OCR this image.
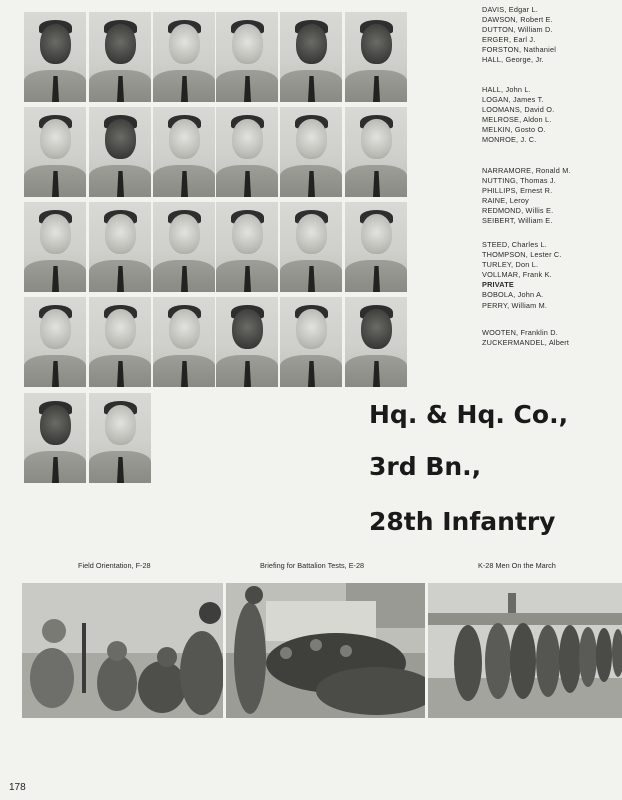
DAVIS, Edgar L.
DAWSON, Robert E.
DUTTON, William D.
ERGER, Earl J.
FORSTON, Nathaniel
HALL, George, Jr.
HALL, John L.
LOGAN, James T.
LOOMANS, David O.
MELROSE, Aldon L.
MELKIN, Gosto O.
MONROE, J. C.
NARRAMORE, Ronald M.
NUTTING, Thomas J.
PHILLIPS, Ernest R.
RAINE, Leroy
REDMOND, Willis E.
SEIBERT, William E.
STEED, Charles L.
THOMPSON, Lester C.
TURLEY, Don L.
VOLLMAR, Frank K.
PRIVATE
BOBOLA, John A.
PERRY, William M.
WOOTEN, Franklin D.
ZUCKERMANDEL, Albert
Hq. & Hq. Co.,
3rd Bn.,
28th Infantry
Field Orientation, F-28	Briefing for Battalion Tests, E-28	K-28 Men On the March
178
